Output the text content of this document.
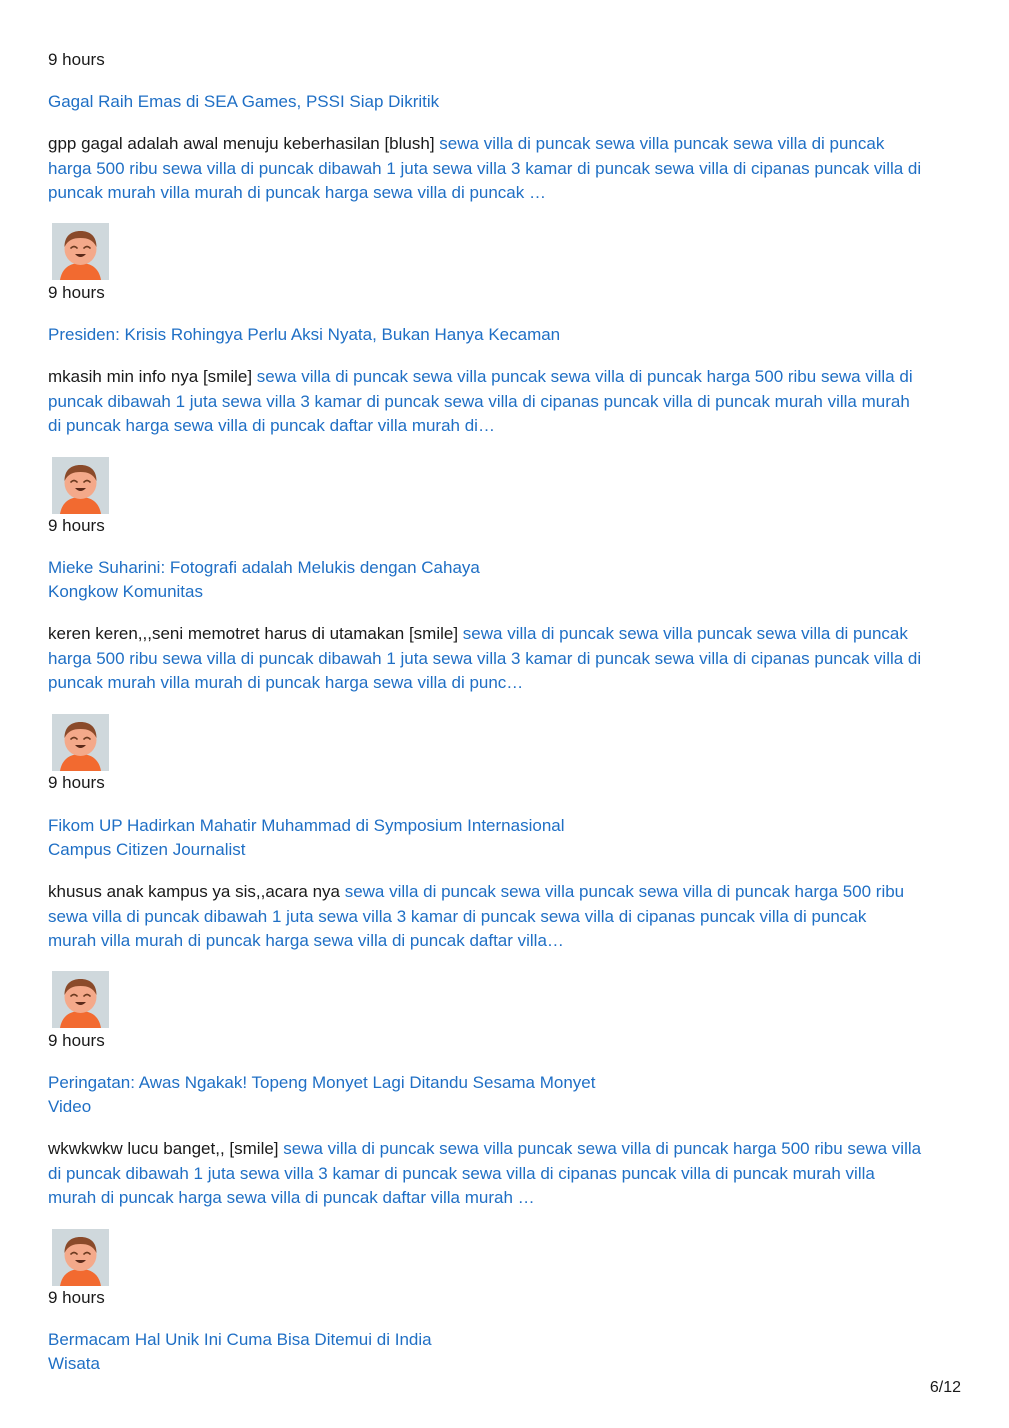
9 hours
Gagal Raih Emas di SEA Games, PSSI Siap Dikritik
gpp gagal adalah awal menuju keberhasilan [blush] sewa villa di puncak sewa villa puncak sewa villa di puncak
harga 500 ribu sewa villa di puncak dibawah 1 juta sewa villa 3 kamar di puncak sewa villa di cipanas puncak villa di
puncak murah villa murah di puncak harga sewa villa di puncak …
9 hours
Presiden: Krisis Rohingya Perlu Aksi Nyata, Bukan Hanya Kecaman
mkasih min info nya [smile] sewa villa di puncak sewa villa puncak sewa villa di puncak harga 500 ribu sewa villa di
puncak dibawah 1 juta sewa villa 3 kamar di puncak sewa villa di cipanas puncak villa di puncak murah villa murah
di puncak harga sewa villa di puncak daftar villa murah di…
9 hours
Mieke Suharini: Fotografi adalah Melukis dengan Cahaya
Kongkow Komunitas
keren keren,,,seni memotret harus di utamakan [smile] sewa villa di puncak sewa villa puncak sewa villa di puncak
harga 500 ribu sewa villa di puncak dibawah 1 juta sewa villa 3 kamar di puncak sewa villa di cipanas puncak villa di
puncak murah villa murah di puncak harga sewa villa di punc…
9 hours
Fikom UP Hadirkan Mahatir Muhammad di Symposium Internasional
Campus Citizen Journalist
khusus anak kampus ya sis,,acara nya sewa villa di puncak sewa villa puncak sewa villa di puncak harga 500 ribu
sewa villa di puncak dibawah 1 juta sewa villa 3 kamar di puncak sewa villa di cipanas puncak villa di puncak
murah villa murah di puncak harga sewa villa di puncak daftar villa…
9 hours
Peringatan: Awas Ngakak! Topeng Monyet Lagi Ditandu Sesama Monyet
Video
wkwkwkw lucu banget,, [smile] sewa villa di puncak sewa villa puncak sewa villa di puncak harga 500 ribu sewa villa
di puncak dibawah 1 juta sewa villa 3 kamar di puncak sewa villa di cipanas puncak villa di puncak murah villa
murah di puncak harga sewa villa di puncak daftar villa murah …
9 hours
Bermacam Hal Unik Ini Cuma Bisa Ditemui di India
Wisata
6/12
